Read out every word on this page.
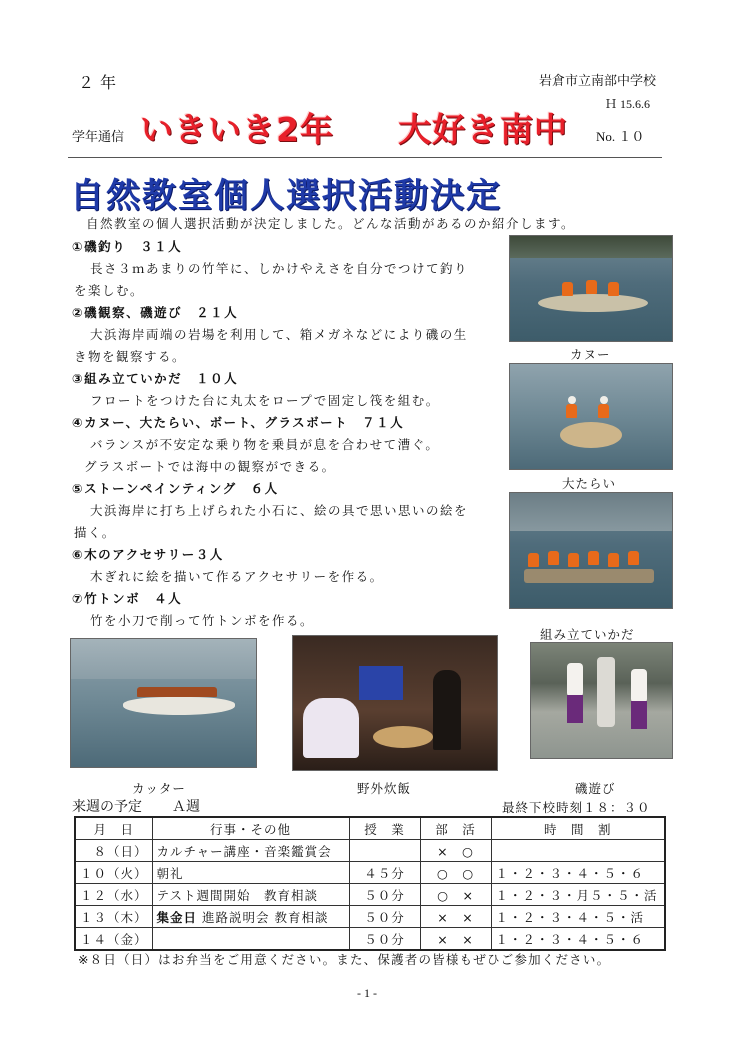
２年	岩倉市立南部中学校
Ｈ 15.6.6
学年通信 いきいき2年 大好き南中 No. １０
自然教室個人選択活動決定
自然教室の個人選択活動が決定しました。どんな活動があるのか紹介します。
①磯釣り　３１人
長さ３ｍあまりの竹竿に、しかけやえさを自分でつけて釣り
を楽しむ。
②磯観察、磯遊び　２１人
大浜海岸両端の岩場を利用して、箱メガネなどにより磯の生
き物を観察する。
③組み立ていかだ　１０人
フロートをつけた台に丸太をロープで固定し筏を組む。
④カヌー、大たらい、ボート、グラスボート　７１人
バランスが不安定な乗り物を乗員が息を合わせて漕ぐ。
グラスボートでは海中の観察ができる。
⑤ストーンペインティング　６人
大浜海岸に打ち上げられた小石に、絵の具で思い思いの絵を
描く。
⑥木のアクセサリー３人
木ぎれに絵を描いて作るアクセサリーを作る。
⑦竹トンボ　４人
竹を小刀で削って竹トンボを作る。
カヌー
大たらい
組み立ていかだ
カッター	野外炊飯	磯遊び
来週の予定 Ａ週	最終下校時刻１８：３０
月　日	行事・その他	授　業	部　活	時　間　割
８（日）	カルチャー講座・音楽鑑賞会		×　○	
１０（火）	朝礼	４５分	○　○	１・２・３・４・５・６
１２（水）	テスト週間開始　教育相談	５０分	○　×	１・２・３・月５・５・活
１３（木）	集金日 進路説明会 教育相談	５０分	×　×	１・２・３・４・５・活
１４（金）		５０分	×　×	１・２・３・４・５・６
※８日（日）はお弁当をご用意ください。また、保護者の皆様もぜひご参加ください。
- 1 -
